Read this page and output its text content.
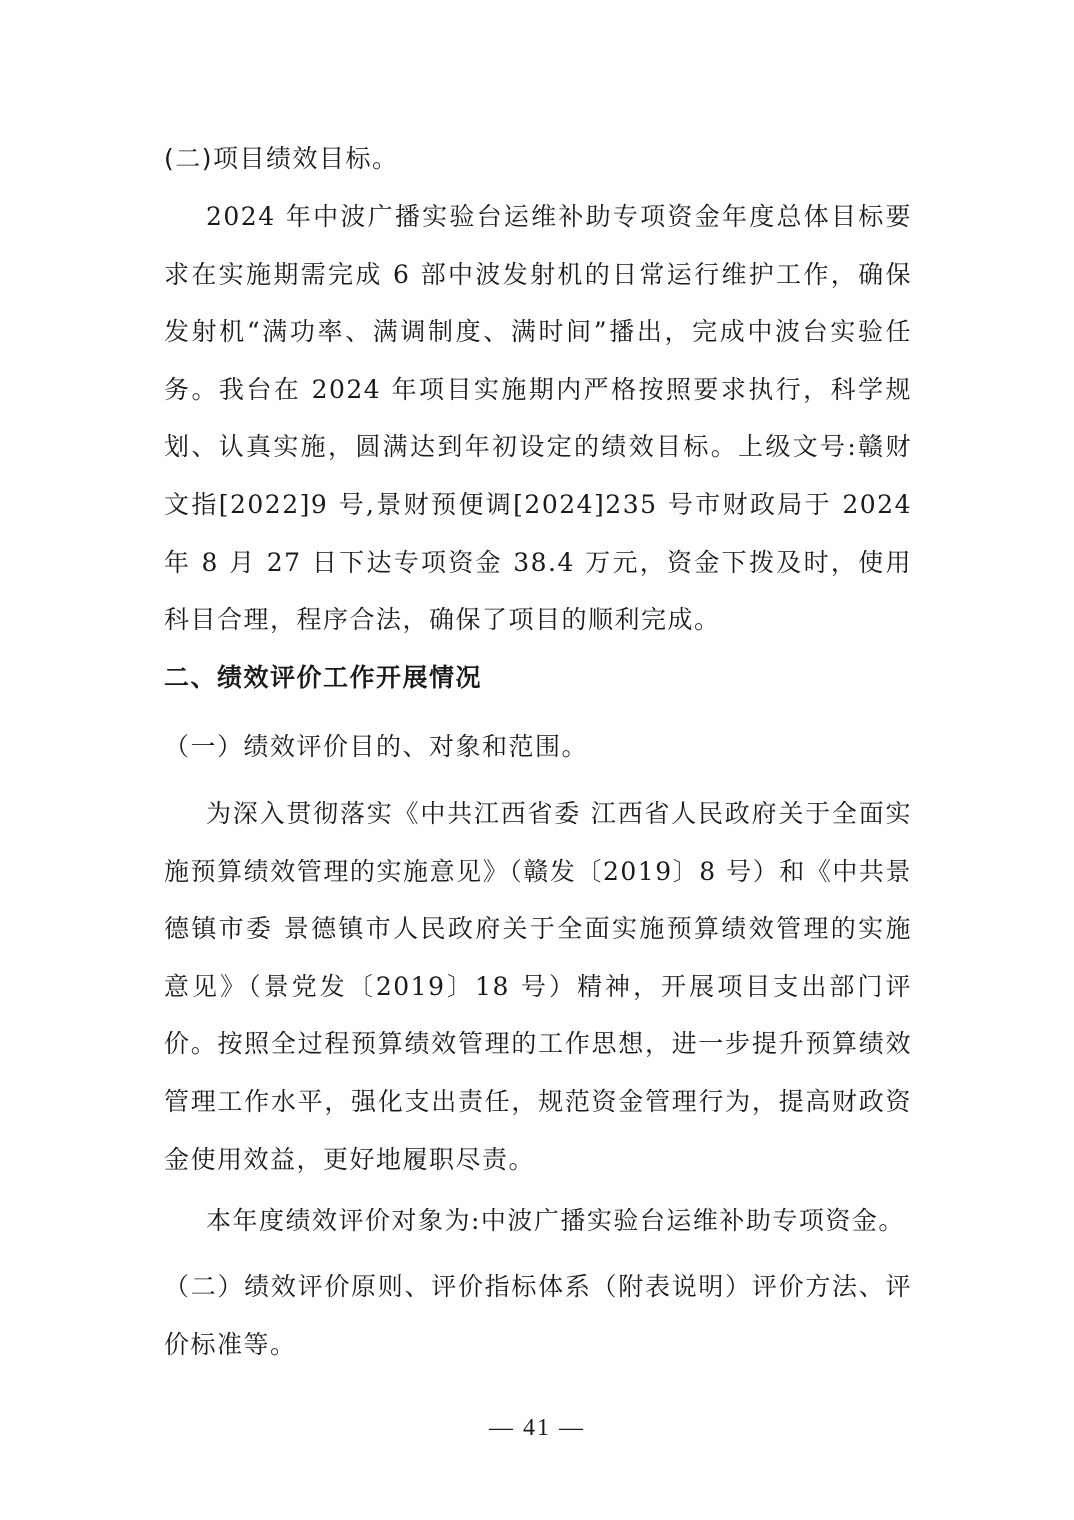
(二)项目绩效目标。

2024 年中波广播实验台运维补助专项资金年度总体目标要求在实施期需完成 6 部中波发射机的日常运行维护工作，确保发射机“满功率、满调制度、满时间”播出，完成中波台实验任务。我台在 2024 年项目实施期内严格按照要求执行，科学规划、认真实施，圆满达到年初设定的绩效目标。上级文号:赣财文指[2022]9 号,景财预便调[2024]235 号市财政局于 2024 年 8 月 27 日下达专项资金 38.4 万元，资金下拨及时，使用科目合理，程序合法，确保了项目的顺利完成。

二、绩效评价工作开展情况

（一）绩效评价目的、对象和范围。

为深入贯彻落实《中共江西省委 江西省人民政府关于全面实施预算绩效管理的实施意见》（赣发〔2019〕8 号）和《中共景德镇市委 景德镇市人民政府关于全面实施预算绩效管理的实施意见》（景党发〔2019〕18 号）精神，开展项目支出部门评价。按照全过程预算绩效管理的工作思想，进一步提升预算绩效管理工作水平，强化支出责任，规范资金管理行为，提高财政资金使用效益，更好地履职尽责。

本年度绩效评价对象为:中波广播实验台运维补助专项资金。

（二）绩效评价原则、评价指标体系（附表说明）评价方法、评价标准等。

— 41 —
